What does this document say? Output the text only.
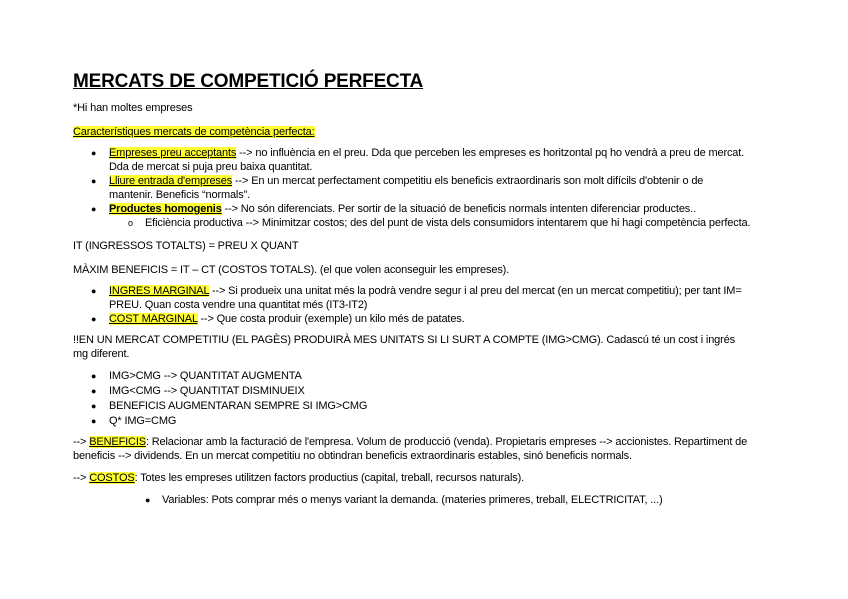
MERCATS DE COMPETICIÓ PERFECTA
*Hi han moltes empreses
Característiques mercats de competència perfecta:
● Empreses preu acceptants --> no influència en el preu. Dda que perceben les empreses es horitzontal pq ho vendrà a preu de mercat.
Dda de mercat si puja preu baixa quantitat.
● Lliure entrada d'empreses --> En un mercat perfectament competitiu els beneficis extraordinaris son molt difícils d'obtenir o de
mantenir. Beneficis “normals”.
● Productes homogenis --> No són diferenciats. Per sortir de la situació de beneficis normals intenten diferenciar productes..
o Eficiència productiva --> Minimitzar costos; des del punt de vista dels consumidors intentarem que hi hagi competència perfecta.
IT (INGRESSOS TOTALTS) = PREU X QUANT
MÀXIM BENEFICIS = IT – CT (COSTOS TOTALS). (el que volen aconseguir les empreses).
● INGRES MARGINAL --> Si produeix una unitat més la podrà vendre segur i al preu del mercat (en un mercat competitiu); per tant IM=
PREU. Quan costa vendre una quantitat més (IT3-IT2)
● COST MARGINAL --> Que costa produir (exemple) un kilo més de patates.
!!EN UN MERCAT COMPETITIU (EL PAGÈS) PRODUIRÀ MES UNITATS SI LI SURT A COMPTE (IMG>CMG). Cadascú té un cost i ingrés
mg diferent.
● IMG>CMG --> QUANTITAT AUGMENTA
● IMG<CMG --> QUANTITAT DISMINUEIX
● BENEFICIS AUGMENTARAN SEMPRE SI IMG>CMG
● Q* IMG=CMG
--> BENEFICIS: Relacionar amb la facturació de l'empresa. Volum de producció (venda). Propietaris empreses --> accionistes. Repartiment de
beneficis --> dividends. En un mercat competitiu no obtindran beneficis extraordinaris estables, sinó beneficis normals.
--> COSTOS: Totes les empreses utilitzen factors productius (capital, treball, recursos naturals).
● Variables: Pots comprar més o menys variant la demanda. (materies primeres, treball, ELECTRICITAT, ...)
